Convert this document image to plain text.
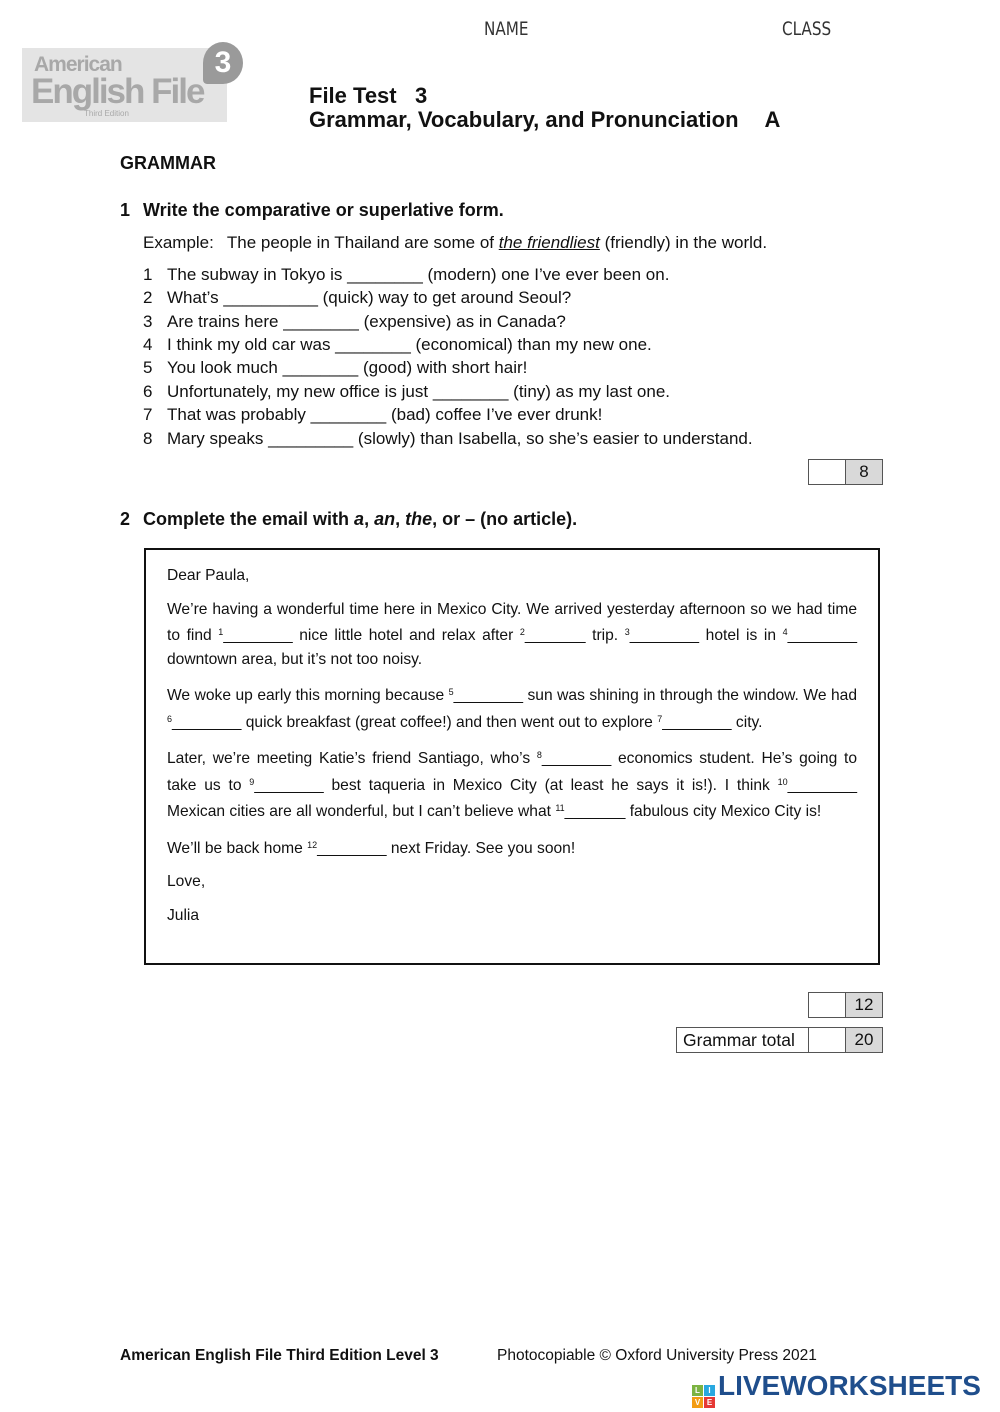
NAME	CLASS
American
English File
Third Edition
3
File Test   3
Grammar, Vocabulary, and Pronunciation A
GRAMMAR
1 Write the comparative or superlative form.
Example: The people in Thailand are some of the friendliest (friendly) in the world.
1 The subway in Tokyo is ________ (modern) one I’ve ever been on.
2 What’s __________ (quick) way to get around Seoul?
3 Are trains here ________ (expensive) as in Canada?
4 I think my old car was ________ (economical) than my new one.
5 You look much ________ (good) with short hair!
6 Unfortunately, my new office is just ________ (tiny) as my last one.
7 That was probably ________ (bad) coffee I’ve ever drunk!
8 Mary speaks _________ (slowly) than Isabella, so she’s easier to understand.
8
2 Complete the email with a, an, the, or – (no article).

Dear Paula,

We’re having a wonderful time here in Mexico City. We arrived yesterday afternoon so we had time to find $^1$________ nice little hotel and relax after $^2$_______ trip. $^3$________ hotel is in $^4$________ downtown area, but it’s not too noisy.

We woke up early this morning because $^5$________ sun was shining in through the window. We had $^6$________ quick breakfast (great coffee!) and then went out to explore $^7$________ city.

Later, we’re meeting Katie’s friend Santiago, who’s $^8$________ economics student. He’s going to take us to $^9$________ best taqueria in Mexico City (at least he says it is!). I think $^{10}$________ Mexican cities are all wonderful, but I can’t believe what $^{11}$_______ fabulous city Mexico City is!

We’ll be back home $^{12}$________ next Friday. See you soon!

Love,

Julia

12
Grammar total	20
American English File Third Edition Level 3	Photocopiable © Oxford University Press 2021
L	I
V E
LIVEWORKSHEETS
